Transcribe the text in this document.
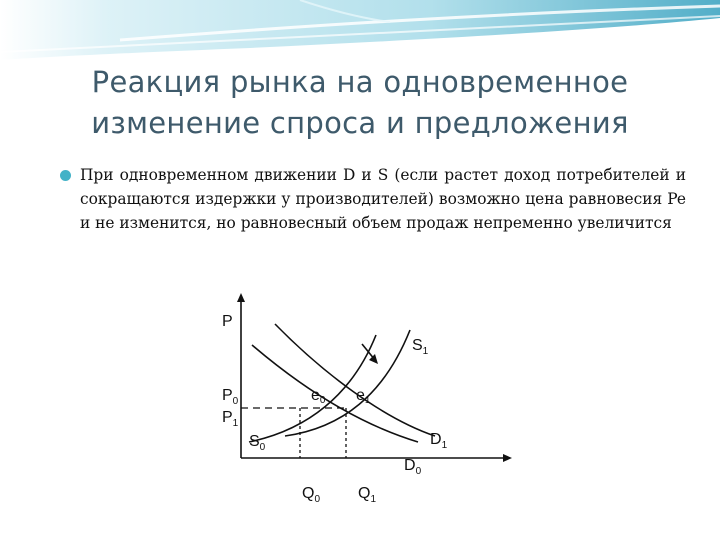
Реакция рынка на одновременное
изменение спроса и предложения
При одновременном движении D и S (если растет доход потребителей и сокращаются издержки у производителей) возможно цена равновесия Pe и не изменится, но равновесный объем продаж непременно увеличится
P
$P_0$
$P_1$
$S_1$
$S_0$	$D_1$
$D_0$
e0 e1
$Q_0$ $Q_1$
